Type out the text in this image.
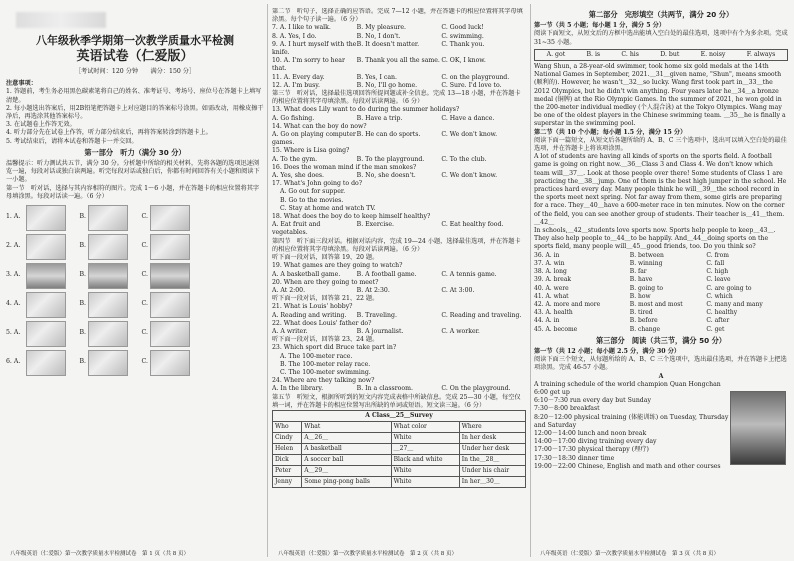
八年级秋季学期第一次教学质量水平检测
英语试卷（仁爱版）
［考试时间：120 分钟　　满分：150 分］

注意事项：

1. 答题前，考生务必用黑色碳素笔将自己的姓名、准考证号、考场号、座位号在答题卡上填写清楚。

2. 每小题选出答案后，用2B铅笔把答题卡上对应题目的答案标号涂黑。如需改动，用橡皮擦干净后，再选涂其他答案标号。

3. 在试题卷上作答无效。

4. 听力部分先在试卷上作答，听力部分结束后，再将答案转涂到答题卡上。

5. 考试结束后，请将本试卷和答题卡一并交回。

第一部分　听力（满分 30 分）

温馨提示：听力测试共五节，满分 30 分。分析题中所给的相关材料，先将各题的选项迅速浏览一遍，每段对话或独白读两遍。听完每段对话或独白后，你都有时间回答有关小题和阅读下一小题。

第一节　听对话，选择与其内容相符的图片。完成 1～6 小题，并在答题卡的相应位置将其字母填涂黑。每段对话读一遍。（6 分）

1. A.	B.	C.
2. A.	B.	C.
3. A.	B.	C.
4. A.	B.	C.
5. A.	B.	C.
6. A.	B.	C.
八年级英语（仁爱版）第一次教学质量水平检测试卷　第 1 页（共 8 页）

第二节　听句子，选择正确的应答语。完成 7—12 小题，并在答题卡的相应位置将其字母填涂黑。每个句子读一遍。（6 分）

7. A. I like to walk.	B. My pleasure.	C. Good luck!
8. A. Yes, I do.	B. No, I don't.	C. swimming.
9. A. I hurt myself with the knife.
B. It doesn't matter.	C. Thank you.
10. A. I'm sorry to hear that.
B. Thank you all the same. C. OK, I know.
11. A. Every day.	B. Yes, I can.	C. on the playground.
12. A. I'm busy.	B. No, I'll go home.	C. Sure. I'd love to.

第三节　听对话，选择最佳选项回答所提问题或补全信息。完成 13—18 小题，并在答题卡的相应位置将其字母填涂黑。每段对话读两遍。（6 分）

13. What does Lily want to do during the summer holidays?

A. Go fishing.	B. Have a trip.	C. Have a dance.

14. What can the boy do now?

A. Go on playing computer games.
B. He can do sports.	C. We don't know.

15. Where is Lisa going?

A. To the gym.	B. To the playground.	C. To the club.

16. Does the woman mind if the man smokes?

A. Yes, she does.	B. No, she doesn't.	C. We don't know.

17. What's John going to do?

A. Go out for supper.

B. Go to the movies.

C. Stay at home and watch TV.

18. What does the boy do to keep himself healthy?

A. Eat fruit and vegetables.
B. Exercise.	C. Eat healthy food.

第四节　听下面三段对话。根据对话内容，完成 19—24 小题，选择最佳选项，并在答题卡的相应位置将其字母填涂黑。每段对话读两遍。（6 分）

听下面一段对话，回答第 19、20 题。

19. What games are they going to watch?

A. A basketball game.	B. A football game.	C. A tennis game.

20. When are they going to meet?

A. At 2:00.	B. At 2:30.	C. At 3:00.

听下面一段对话，回答第 21、22 题。

21. What is Louis' hobby?

A. Reading and writing.	B. Traveling.	C. Reading and traveling.

22. What does Louis' father do?

A. A writer.	B. A journalist.	C. A worker.

听下面一段对话，回答第 23、24 题。

23. Which sport did Bruce take part in?

A. The 100-meter race.

B. The 100-meter relay race.

C. The 100-meter swimming.

24. Where are they talking now?

A. In the library.	B. In a classroom.	C. On the playground.

第五节　听短文，根据所听到的短文内容完成表格中所缺信息。完成 25—30 小题，每空仅填一词，并在答题卡的相应位置写出所缺的单词或短语。短文读三遍。（6 分）

A Class＿25＿Survey			
Who	What	What color	Where
Cindy	A＿26＿	White	In her desk
Helen	A basketball	＿27＿	Under her desk
Dick	A soccer ball	Black and white	In the＿28＿
Peter	A＿29＿	White	Under his chair
Jenny	Some ping-pong balls	White	In her＿30＿
八年级英语（仁爱版）第一次教学质量水平检测试卷　第 2 页（共 8 页）
第二部分　完形填空（共两节，满分 20 分）

第一节（共 5 小题；每小题 1 分，满分 5 分）

阅读下面短文，从短文后的方框中选出能填入空白处的最佳选项，选项中有个为多余项。完成 31~35 小题。

A. got	B. is	C. his	D. but	E. noisy	F. always

Wang Shun, a 28-year-old swimmer, took home six gold medals at the 14th National Games in September, 2021.＿31＿given name, "Shun", means smooth (顺利的). However, he wasn't＿32＿so lucky. Wang first took part in＿33＿the 2012 Olympics, but he didn't win anything. Four years later he＿34＿a bronze medal (铜牌) at the Rio Olympic Games. In the summer of 2021, he won gold in the 200-meter individual medley (个人混合泳) at the Tokyo Olympics. Wang may be one of the oldest players in the Chinese swimming team. ＿35＿he is finally a superstar in the swimming pool.

第二节（共 10 个小题；每小题 1.5 分，满分 15 分）

阅读下面一篇短文，从短文后各题所给的 A、B、C 三个选项中，选出可以填入空白处的最佳选项，并在答题卡上将该项涂黑。

A lot of students are having all kinds of sports on the sports field. A football game is going on right now.＿36＿Class 3 and Class 4. We don't know which team will＿37＿. Look at those people over there! Some students of Class 1 are practicing the＿38＿jump. One of them is the best high jumper in the school. He practices hard every day. Many people think he will＿39＿the school record in the sports meet next spring. Not far away from them, some girls are preparing for a race. They＿40＿have a 600-meter race in ten minutes. Now on the corner of the field, you can see another group of students. Their teacher is＿41＿them.＿42＿

In schools,＿42＿students love sports now. Sports help people to keep＿43＿. They also help people to＿44＿to be happily. And＿44＿doing sports on the sports field, many people will＿45＿good friends, too. Do you think so?

36. A. in	B. between	C. from
37. A. win	B. winning	C. fall
38. A. long	B. far	C. high
39. A. break	B. have	C. leave
40. A. were	B. going to	C. are going to
41. A. what	B. how	C. which
42. A. more and more	B. most and most	C. many and many
43. A. health	B. tired	C. healthy
44. A. in	B. before	C. after
45. A. become	B. change	C. get
第三部分　阅读（共三节，满分 50 分）

第一节（共 12 小题；每小题 2.5 分，满分 30 分）

阅读下面三个短文，从每题所给的 A、B、C 三个选项中，选出最佳选项，并在答题卡上把选项涂黑。完成 46-57 小题。

A

A training schedule of the world champion Quan Hongchan

6:00 get up

6:10－7:30 run every day but Sunday

7:30－8:00 breakfast

8:20－12:00 physical training (体能训练) on Tuesday, Thursday and Saturday

12:00－14:00 lunch and noon break

14:00－17:00 diving training every day

17:00－17:30 physical therapy (理疗)

17:30－18:30 dinner time

19:00－22:00 Chinese, English and math and other courses

八年级英语（仁爱版）第一次教学质量水平检测试卷　第 3 页（共 8 页）
